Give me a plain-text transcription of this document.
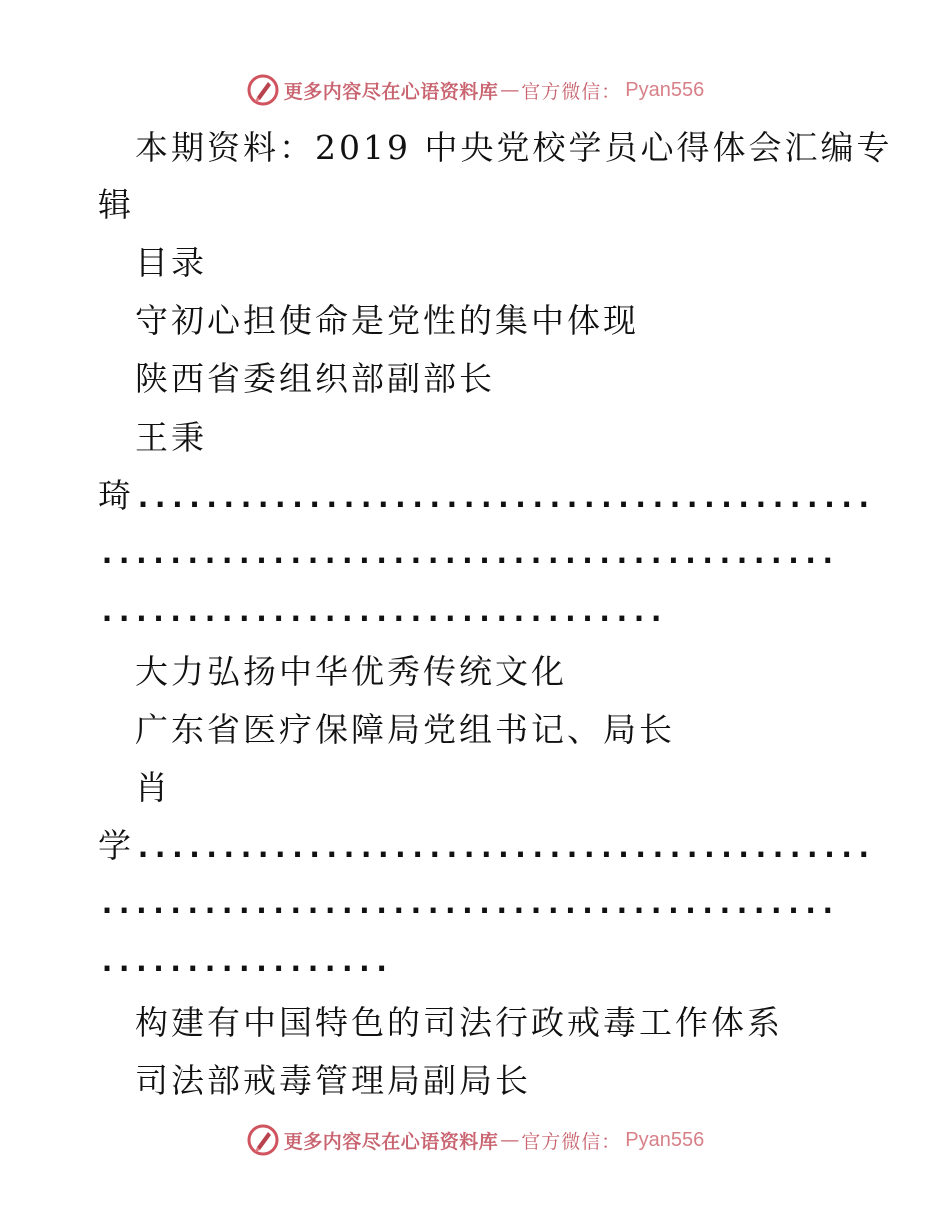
更多内容尽在心语资料库 — 官方微信： Pyan556
本期资料：2019 中央党校学员心得体会汇编专
辑
目录
守初心担使命是党性的集中体现
陕西省委组织部副部长
王秉
琦...........................................
...........................................
.................................
大力弘扬中华优秀传统文化
广东省医疗保障局党组书记、局长
肖
学...........................................
...........................................
.................
构建有中国特色的司法行政戒毒工作体系
司法部戒毒管理局副局长
更多内容尽在心语资料库 — 官方微信： Pyan556
